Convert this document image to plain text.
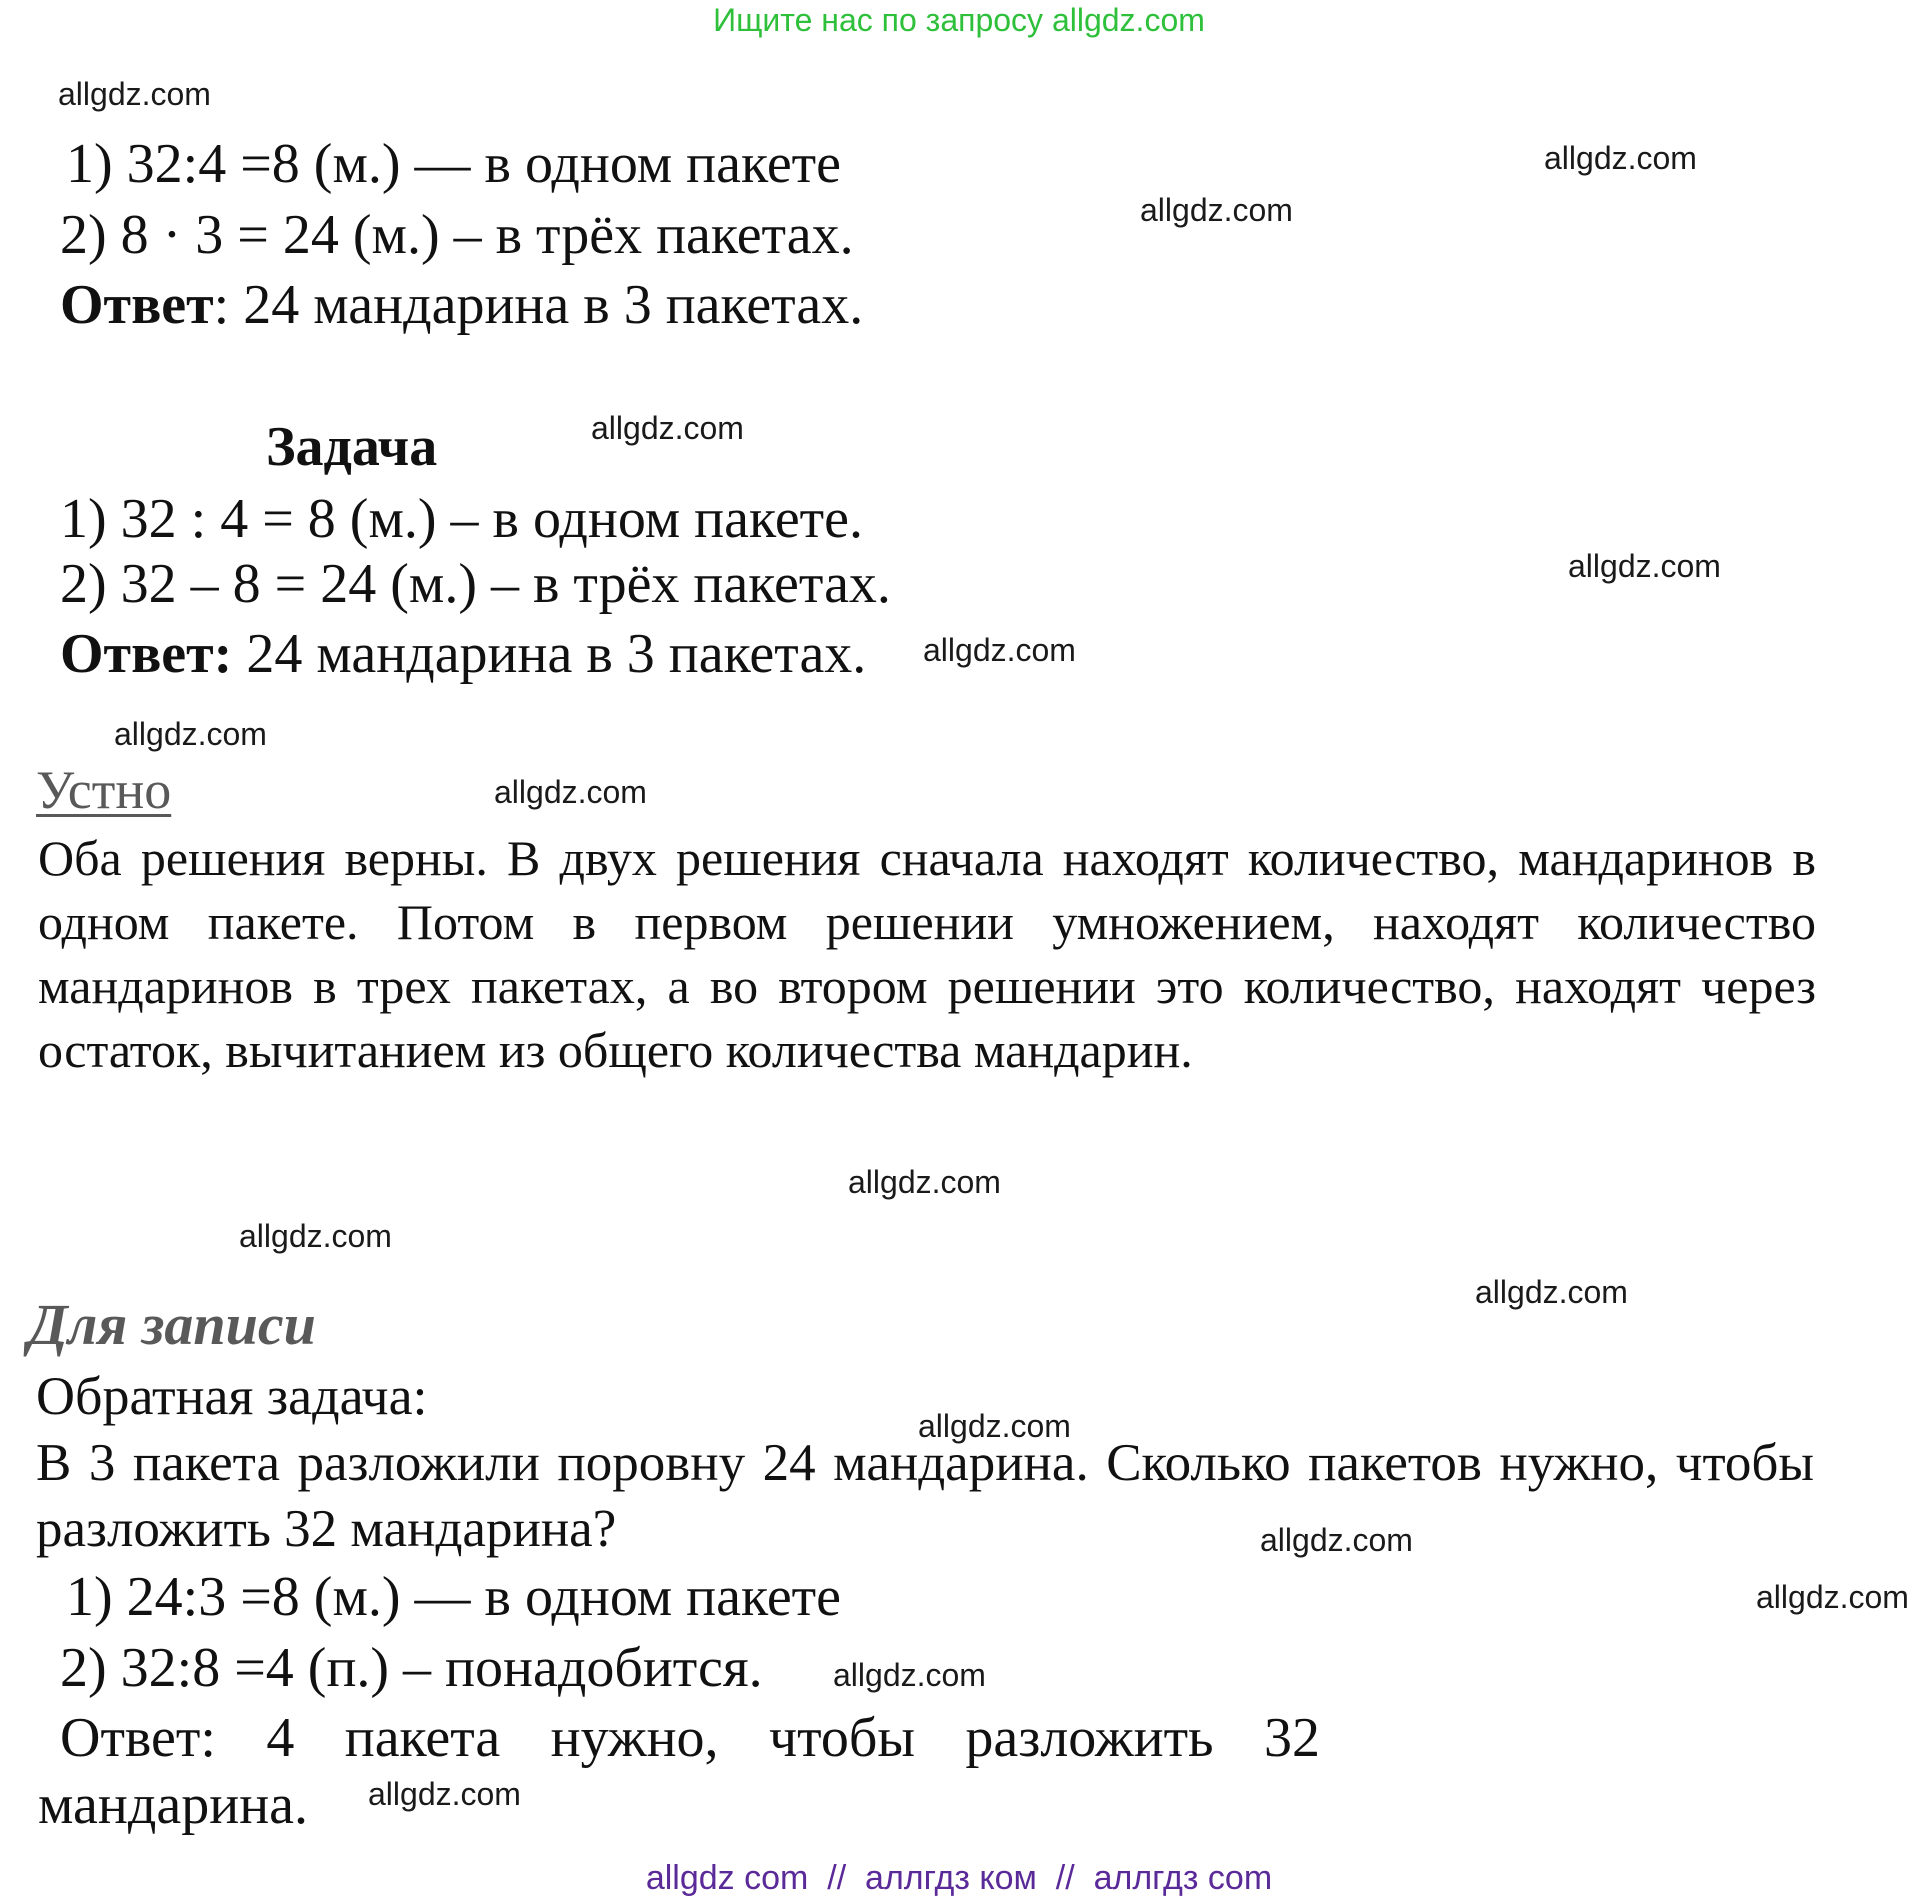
Ищите нас по запросу allgdz.com
1) 32:4 =8 (м.) — в одном пакете
2) 8 · 3 = 24 (м.) – в трёх пакетах.
Ответ: 24 мандарина в 3 пакетах.
Задача
1) 32 : 4 = 8 (м.) – в одном пакете.
2) 32 – 8 = 24 (м.) – в трёх пакетах.
Ответ: 24 мандарина в 3 пакетах.
Устно
Оба решения верны. В двух решения сначала находят количество, мандаринов в одном пакете. Потом в первом решении умножением, находят количество мандаринов в трех пакетах, а во втором решении это количество, находят через остаток, вычитанием из общего количества мандарин.
Для записи
Обратная задача:
В 3 пакета разложили поровну 24 мандарина. Сколько пакетов нужно, чтобы разложить 32 мандарина?
1) 24:3 =8 (м.) — в одном пакете
2) 32:8 =4 (п.) – понадобится.
Ответ: 4 пакета нужно, чтобы разложить 32
мандарина.
allgdz.com
allgdz.com
allgdz.com
allgdz.com
allgdz.com
allgdz.com
allgdz.com
allgdz.com
allgdz.com
allgdz.com
allgdz.com
allgdz.com
allgdz.com
allgdz.com
allgdz.com
allgdz.com
allgdz com  //  аллгдз ком  //  аллгдз com
